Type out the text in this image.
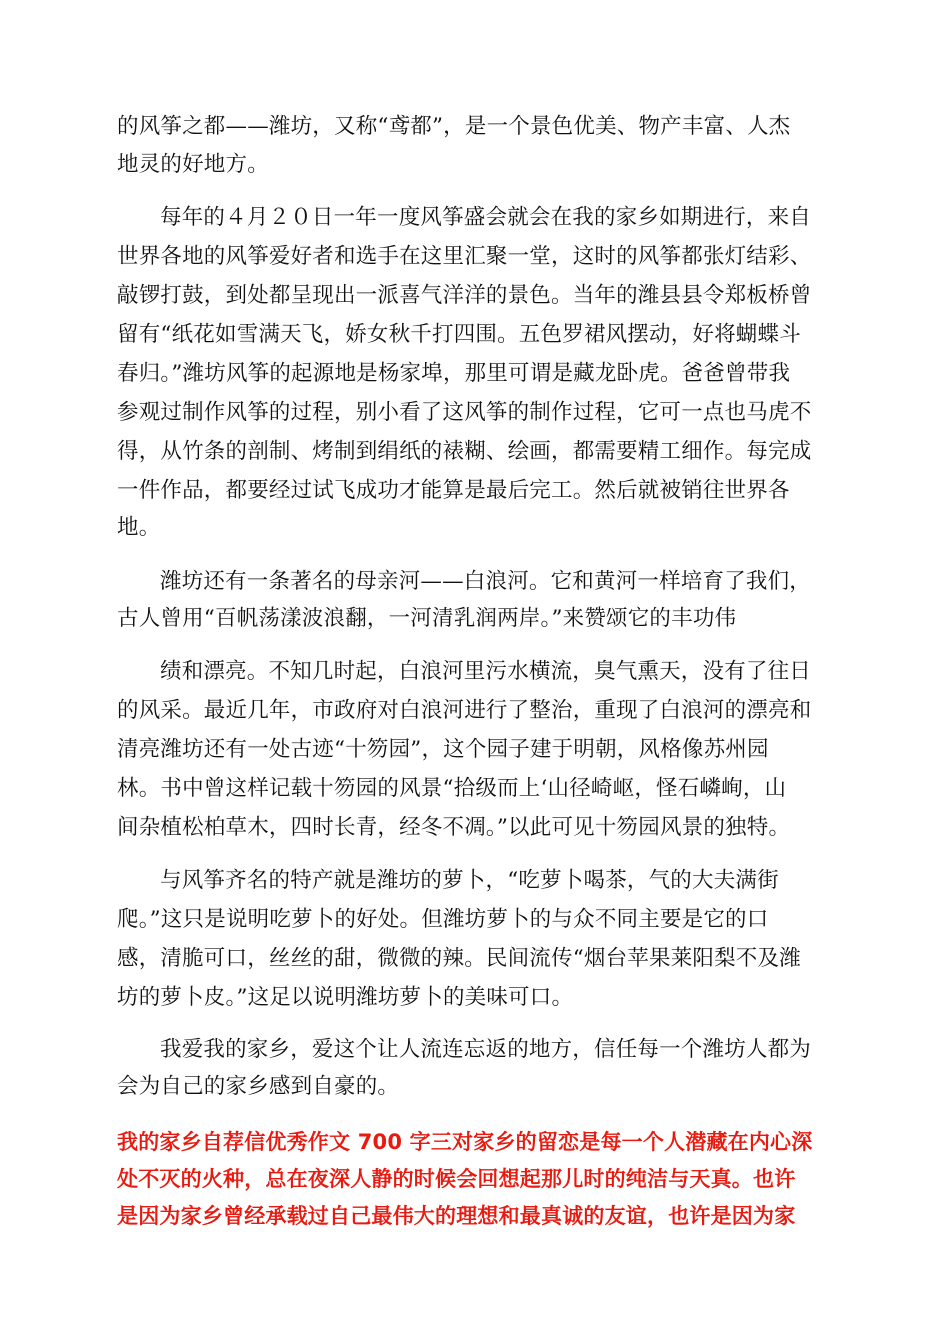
的风筝之都——潍坊，又称“鸢都”，是一个景色优美、物产丰富、人杰
地灵的好地方。
每年的４月２０日一年一度风筝盛会就会在我的家乡如期进行，来自
世界各地的风筝爱好者和选手在这里汇聚一堂，这时的风筝都张灯结彩、
敲锣打鼓，到处都呈现出一派喜气洋洋的景色。当年的潍县县令郑板桥曾
留有“纸花如雪满天飞，娇女秋千打四围。五色罗裙风摆动，好将蝴蝶斗
春归。”潍坊风筝的起源地是杨家埠，那里可谓是藏龙卧虎。爸爸曾带我
参观过制作风筝的过程，别小看了这风筝的制作过程，它可一点也马虎不
得，从竹条的剖制、烤制到绢纸的裱糊、绘画，都需要精工细作。每完成
一件作品，都要经过试飞成功才能算是最后完工。然后就被销往世界各
地。
潍坊还有一条著名的母亲河——白浪河。它和黄河一样培育了我们，
古人曾用“百帆荡漾波浪翻，一河清乳润两岸。”来赞颂它的丰功伟
绩和漂亮。不知几时起，白浪河里污水横流，臭气熏天，没有了往日
的风采。最近几年，市政府对白浪河进行了整治，重现了白浪河的漂亮和
清亮潍坊还有一处古迹“十笏园”，这个园子建于明朝，风格像苏州园
林。书中曾这样记载十笏园的风景“拾级而上‘山径崎岖，怪石嶙峋，山
间杂植松柏草木，四时长青，经冬不凋。”以此可见十笏园风景的独特。
与风筝齐名的特产就是潍坊的萝卜，“吃萝卜喝茶，气的大夫满街
爬。”这只是说明吃萝卜的好处。但潍坊萝卜的与众不同主要是它的口
感，清脆可口，丝丝的甜，微微的辣。民间流传“烟台苹果莱阳梨不及潍
坊的萝卜皮。”这足以说明潍坊萝卜的美味可口。
我爱我的家乡，爱这个让人流连忘返的地方，信任每一个潍坊人都为
会为自己的家乡感到自豪的。
我的家乡自荐信优秀作文 700 字三对家乡的留恋是每一个人潜藏在内心深
处不灭的火种，总在夜深人静的时候会回想起那儿时的纯洁与天真。也许
是因为家乡曾经承载过自己最伟大的理想和最真诚的友谊，也许是因为家
